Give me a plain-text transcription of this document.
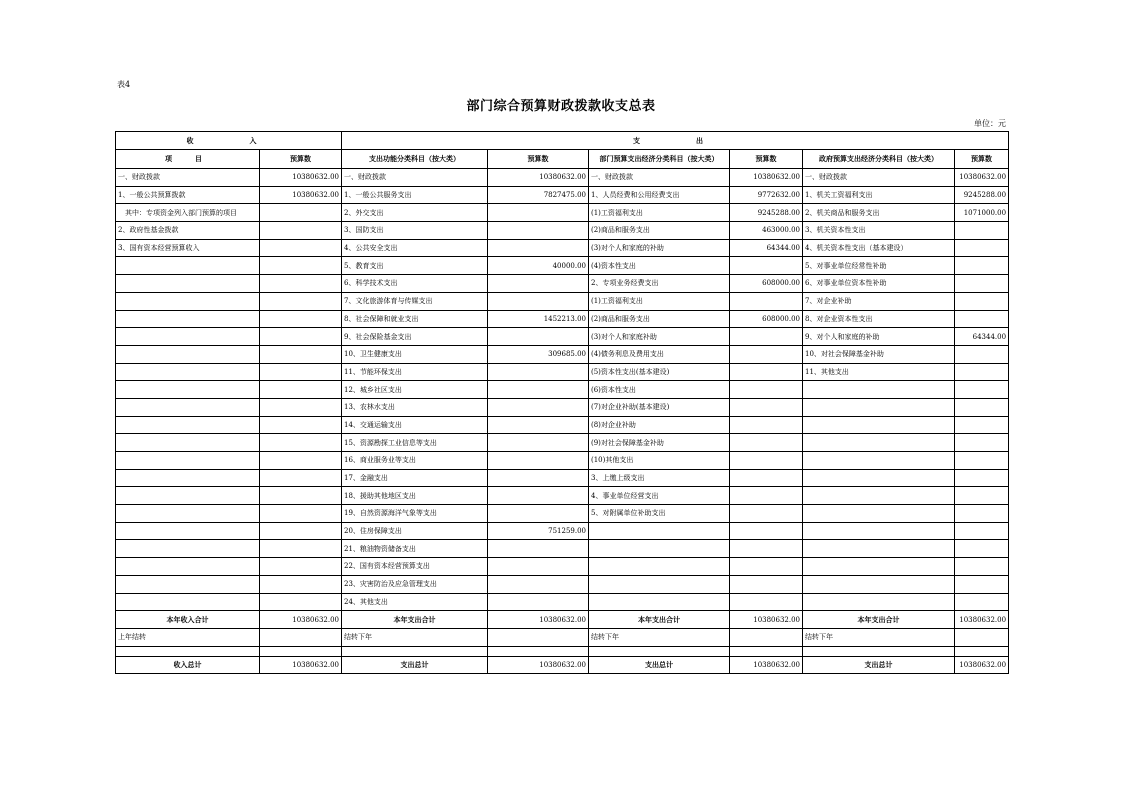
表4
部门综合预算财政拨款收支总表
单位：元
收　　入		支　　出					
项　目	预算数	支出功能分类科目（按大类）	预算数	部门预算支出经济分类科目（按大类）	预算数	政府预算支出经济分类科目（按大类）	预算数
一、财政拨款	10380632.00	一、财政拨款	10380632.00	一、财政拨款	10380632.00	一、财政拨款	10380632.00
1、一般公共预算拨款	10380632.00	1、一般公共服务支出	7827475.00	1、人员经费和公用经费支出	9772632.00	1、机关工资福利支出	9245288.00
　其中：专项资金列入部门预算的项目		2、外交支出		(1)工资福利支出	9245288.00	2、机关商品和服务支出	1071000.00
2、政府性基金拨款		3、国防支出		(2)商品和服务支出	463000.00	3、机关资本性支出	
3、国有资本经营预算收入		4、公共安全支出		(3)对个人和家庭的补助	64344.00	4、机关资本性支出（基本建设）	
		5、教育支出	40000.00	(4)资本性支出		5、对事业单位经常性补助	
		6、科学技术支出		2、专项业务经费支出	608000.00	6、对事业单位资本性补助	
		7、文化旅游体育与传媒支出		(1)工资福利支出		7、对企业补助	
		8、社会保障和就业支出	1452213.00	(2)商品和服务支出	608000.00	8、对企业资本性支出	
		9、社会保险基金支出		(3)对个人和家庭补助		9、对个人和家庭的补助	64344.00
		10、卫生健康支出	309685.00	(4)债务利息及费用支出		10、对社会保障基金补助	
		11、节能环保支出		(5)资本性支出(基本建设)		11、其他支出	
		12、城乡社区支出		(6)资本性支出			
		13、农林水支出		(7)对企业补助(基本建设)			
		14、交通运输支出		(8)对企业补助			
		15、资源勘探工业信息等支出		(9)对社会保障基金补助			
		16、商业服务业等支出		(10)其他支出			
		17、金融支出		3、上缴上级支出			
		18、援助其他地区支出		4、事业单位经营支出			
		19、自然资源海洋气象等支出		5、对附属单位补助支出			
		20、住房保障支出	751259.00				
		21、粮油物资储备支出					
		22、国有资本经营预算支出					
		23、灾害防治及应急管理支出					
		24、其他支出					
本年收入合计	10380632.00	本年支出合计	10380632.00	本年支出合计	10380632.00	本年支出合计	10380632.00
上年结转		结转下年		结转下年		结转下年	

收入总计	10380632.00	支出总计	10380632.00	支出总计	10380632.00	支出总计	10380632.00
